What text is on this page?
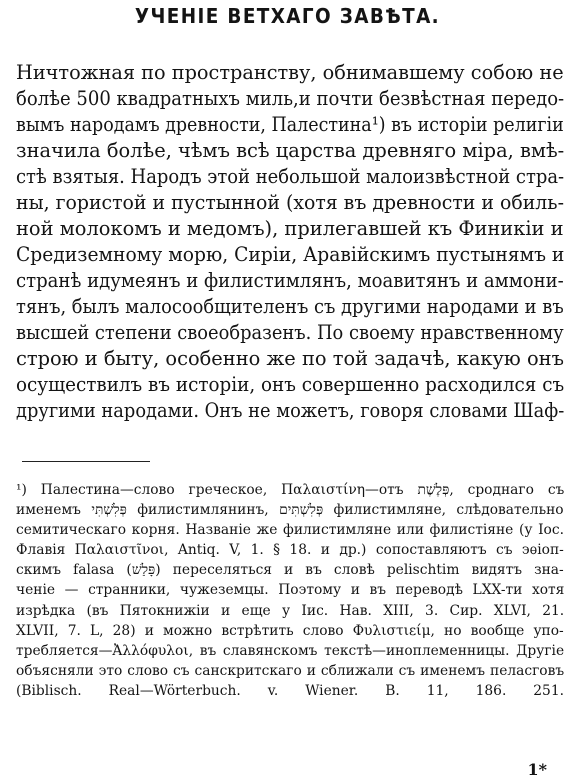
УЧЕНІЕ ВЕТХАГО ЗАВѢТА.
Ничтожная по пространству, обнимавшему собою не
болѣе 500 квадратныхъ миль,и почти безвѣстная передо-
вымъ народамъ древности, Палестина¹) въ исторіи религіи
значила болѣе, чѣмъ всѣ царства древняго міра, вмѣ-
стѣ взятыя. Народъ этой небольшой малоизвѣстной стра-
ны, гористой и пустынной (хотя въ древности и обиль-
ной молокомъ и медомъ), прилегавшей къ Финикіи и
Средиземному морю, Сиріи, Аравійскимъ пустынямъ и
странѣ идумеянъ и филистимлянъ, моавитянъ и аммони-
тянъ, былъ малосообщителенъ съ другими народами и въ
высшей степени своеобразенъ. По своему нравственному
строю и быту, особенно же по той задачѣ, какую онъ
осуществилъ въ исторіи, онъ совершенно расходился съ
другими народами. Онъ не можетъ, говоря словами Шаф-
¹) Палестина—слово греческое, Παλαιστίνη—отъ פְּלֶשֶׁת, сроднаго съ
именемъ פְּלִשְׁתִּי филистимлянинъ, פְּלִשְׁתִּים филистимляне, слѣдовательно
семитическаго корня. Названіе же филистимляне или филистіяне (у Іос.
Флавія Παλαιστῖνοι, Antiq. V, 1. § 18. и др.) сопоставляютъ съ эѳіоп-
скимъ falasa (פָּלַשׁ) переселяться и въ словѣ pelischtim видятъ зна-
ченіе — странники, чужеземцы. Поэтому и въ переводѣ LXX-ти хотя
изрѣдка (въ Пятокнижіи и еще у Іис. Нав. XIII, 3. Сир. XLVI, 21.
XLVII, 7. L, 28) и можно встрѣтить слово Φυλιστιείμ, но вообще упо-
требляется—Ἀλλόφυλοι, въ славянскомъ текстѣ—иноплеменницы. Другіе
объясняли это слово съ санскритскаго и сближали съ именемъ пеласговъ
(Biblisch. Real—Wörterbuch. v. Wiener. B. 11, 186. 251.
1*
